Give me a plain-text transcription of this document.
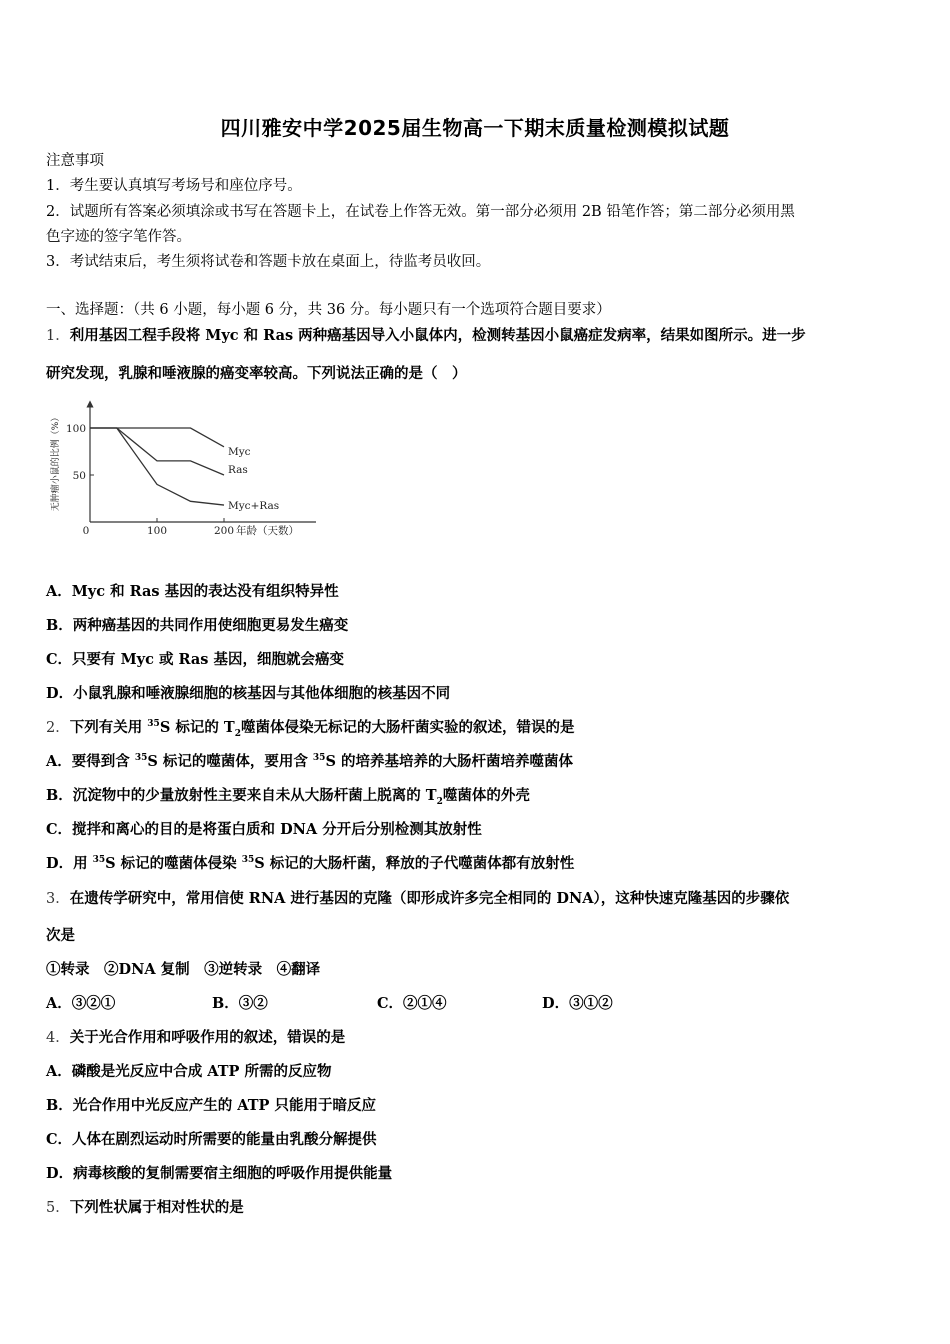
四川雅安中学2025届生物高一下期末质量检测模拟试题
注意事项
1．考生要认真填写考场号和座位序号。
2．试题所有答案必须填涂或书写在答题卡上，在试卷上作答无效。第一部分必须用 2B 铅笔作答；第二部分必须用黑
色字迹的签字笔作答。
3．考试结束后，考生须将试卷和答题卡放在桌面上，待监考员收回。
一、选择题：（共 6 小题，每小题 6 分，共 36 分。每小题只有一个选项符合题目要求）
1．利用基因工程手段将 Myc 和 Ras 两种癌基因导入小鼠体内，检测转基因小鼠癌症发病率，结果如图所示。进一步
研究发现，乳腺和唾液腺的癌变率较高。下列说法正确的是（　）
无肿瘤小鼠的比例（%） 50
100
0	100	200
Myc
Ras
Myc+Ras
年龄（天数）
A．Myc 和 Ras 基因的表达没有组织特异性
B．两种癌基因的共同作用使细胞更易发生癌变
C．只要有 Myc 或 Ras 基因，细胞就会癌变
D．小鼠乳腺和唾液腺细胞的核基因与其他体细胞的核基因不同
2．下列有关用 $^{35}$S 标记的 $T_2$噬菌体侵染无标记的大肠杆菌实验的叙述，错误的是
A．要得到含 $^{35}$S 标记的噬菌体，要用含 $^{35}$S 的培养基培养的大肠杆菌培养噬菌体
B．沉淀物中的少量放射性主要来自未从大肠杆菌上脱离的 $T_2$噬菌体的外壳
C．搅拌和离心的目的是将蛋白质和 DNA 分开后分别检测其放射性
D．用 $^{35}$S 标记的噬菌体侵染 $^{35}$S 标记的大肠杆菌，释放的子代噬菌体都有放射性
3．在遗传学研究中，常用信使 RNA 进行基因的克隆（即形成许多完全相同的 DNA），这种快速克隆基因的步骤依
次是
①转录　②DNA 复制　③逆转录　④翻译
A．③②①	B．③②	C．②①④	D．③①②
4．关于光合作用和呼吸作用的叙述，错误的是
A．磷酸是光反应中合成 ATP 所需的反应物
B．光合作用中光反应产生的 ATP 只能用于暗反应
C．人体在剧烈运动时所需要的能量由乳酸分解提供
D．病毒核酸的复制需要宿主细胞的呼吸作用提供能量
5．下列性状属于相对性状的是
